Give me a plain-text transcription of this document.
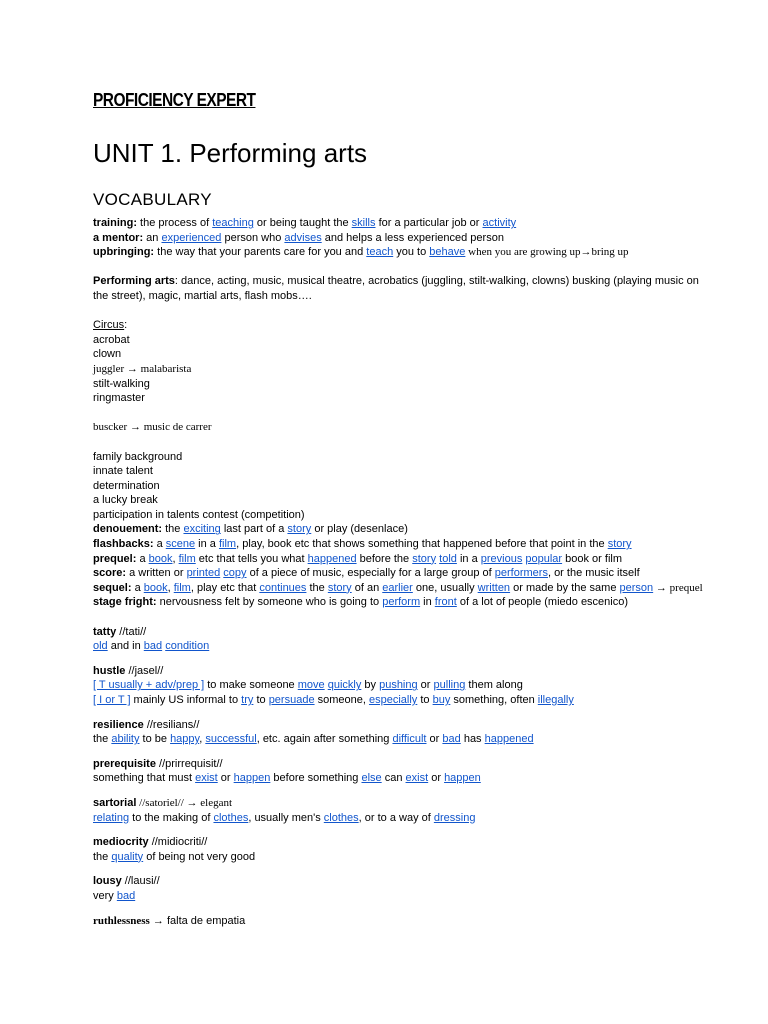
PROFICIENCY EXPERT
UNIT 1. Performing arts
VOCABULARY

training: the process of teaching or being taught the skills for a particular job or activity

a mentor: an experienced person who advises and helps a less experienced person

upbringing: the way that your parents care for you and teach you to behave when you are growing up→bring up

Performing arts: dance, acting, music, musical theatre, acrobatics (juggling, stilt-walking, clowns) busking (playing music on the street), magic, martial arts, flash mobs….

Circus:

acrobat

clown

juggler → malabarista

stilt-walking

ringmaster

buscker → music de carrer

family background

innate talent

determination

a lucky break

participation in talents contest (competition)

denouement: the exciting last part of a story or play (desenlace)

flashbacks: a scene in a film, play, book etc that shows something that happened before that point in the story

prequel: a book, film etc that tells you what happened before the story told in a previous popular book or film

score: a written or printed copy of a piece of music, especially for a large group of performers, or the music itself

sequel: a book, film, play etc that continues the story of an earlier one, usually written or made by the same person → prequel

stage fright: nervousness felt by someone who is going to perform in front of a lot of people (miedo escenico)

tatty //tati//

old and in bad condition

hustle //jasel//

[ T usually + adv/prep ] to make someone move quickly by pushing or pulling them along

[ I or T ] mainly US informal to try to persuade someone, especially to buy something, often illegally

resilience //resilians//

the ability to be happy, successful, etc. again after something difficult or bad has happened

prerequisite //prirrequisit//

something that must exist or happen before something else can exist or happen

sartorial //satoriel// → elegant

relating to the making of clothes, usually men's clothes, or to a way of dressing

mediocrity //midiocriti//

the quality of being not very good

lousy //lausi//

very bad

ruthlessness → falta de empatia
